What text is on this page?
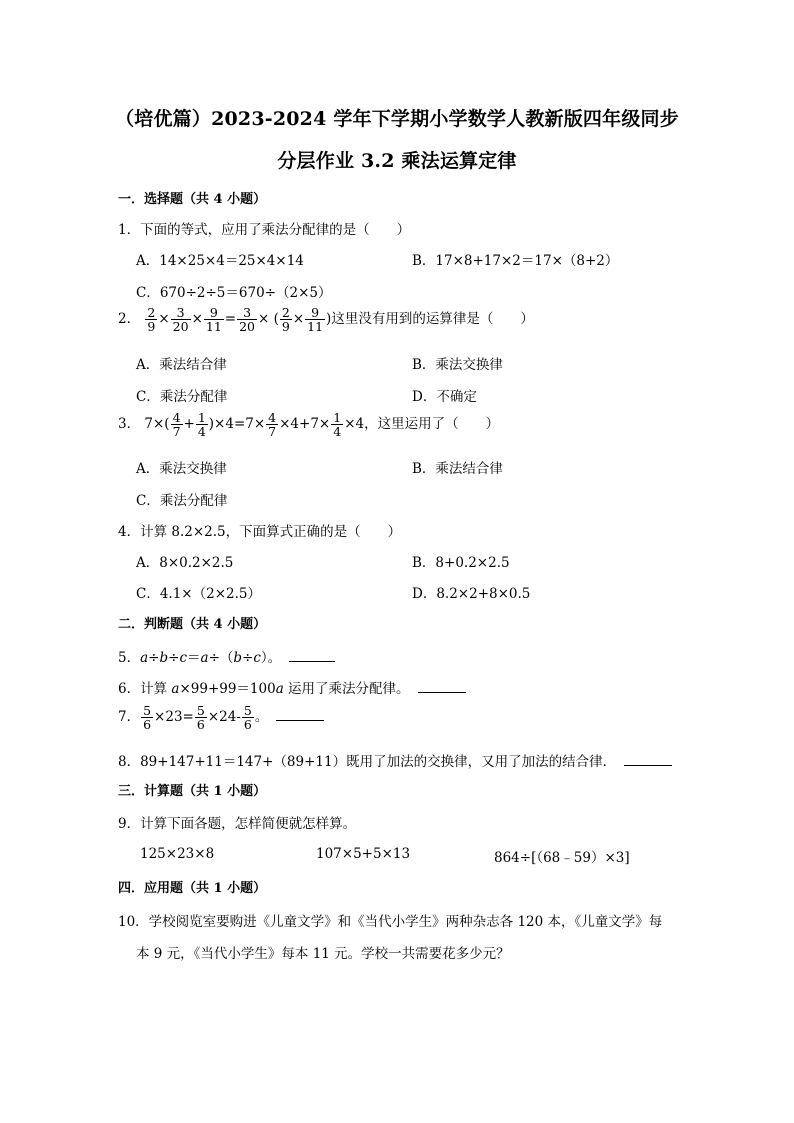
（培优篇）2023-2024 学年下学期小学数学人教新版四年级同步
分层作业 3.2 乘法运算定律
一．选择题（共 4 小题）
1．下面的等式，应用了乘法分配律的是（　　）
A．14×25×4＝25×4×14	B．17×8+17×2＝17×（8+2）
C．670÷2÷5＝670÷（2×5）
2． $\frac{2}{9} \times \frac{3}{20} \times \frac{9}{11} = \frac{3}{20}$ × ( $\frac{2}{9} \times \frac{9}{11}$ )这里没有用到的运算律是（　　）
A．乘法结合律	B．乘法交换律
C．乘法分配律	D．不确定
3． $7\times( \frac{4}{7} + \frac{1}{4} )\times 4=7\times \frac{4}{7} \times 4+7\times \frac{1}{4} \times 4$，这里运用了（　　）
A．乘法交换律	B．乘法结合律
C．乘法分配律
4．计算 8.2×2.5，下面算式正确的是（　　）
A．8×0.2×2.5	B．8+0.2×2.5
C．4.1×（2×2.5）	D．8.2×2+8×0.5
二．判断题（共 4 小题）
5．a÷b÷c＝a÷（b÷c）。
6．计算 a×99+99＝100a 运用了乘法分配律。
7． $\frac{5}{6} \times 23= \frac{5}{6} \times 24- \frac{5}{6}$ 。
8．89+147+11＝147+（89+11）既用了加法的交换律，又用了加法的结合律．
三．计算题（共 1 小题）
9．计算下面各题，怎样简便就怎样算。
125×23×8	107×5+5×13	864÷[（68﹣59）×3]
四．应用题（共 1 小题）
10．学校阅览室要购进《儿童文学》和《当代小学生》两种杂志各 120 本，《儿童文学》每
本 9 元，《当代小学生》每本 11 元。学校一共需要花多少元？
